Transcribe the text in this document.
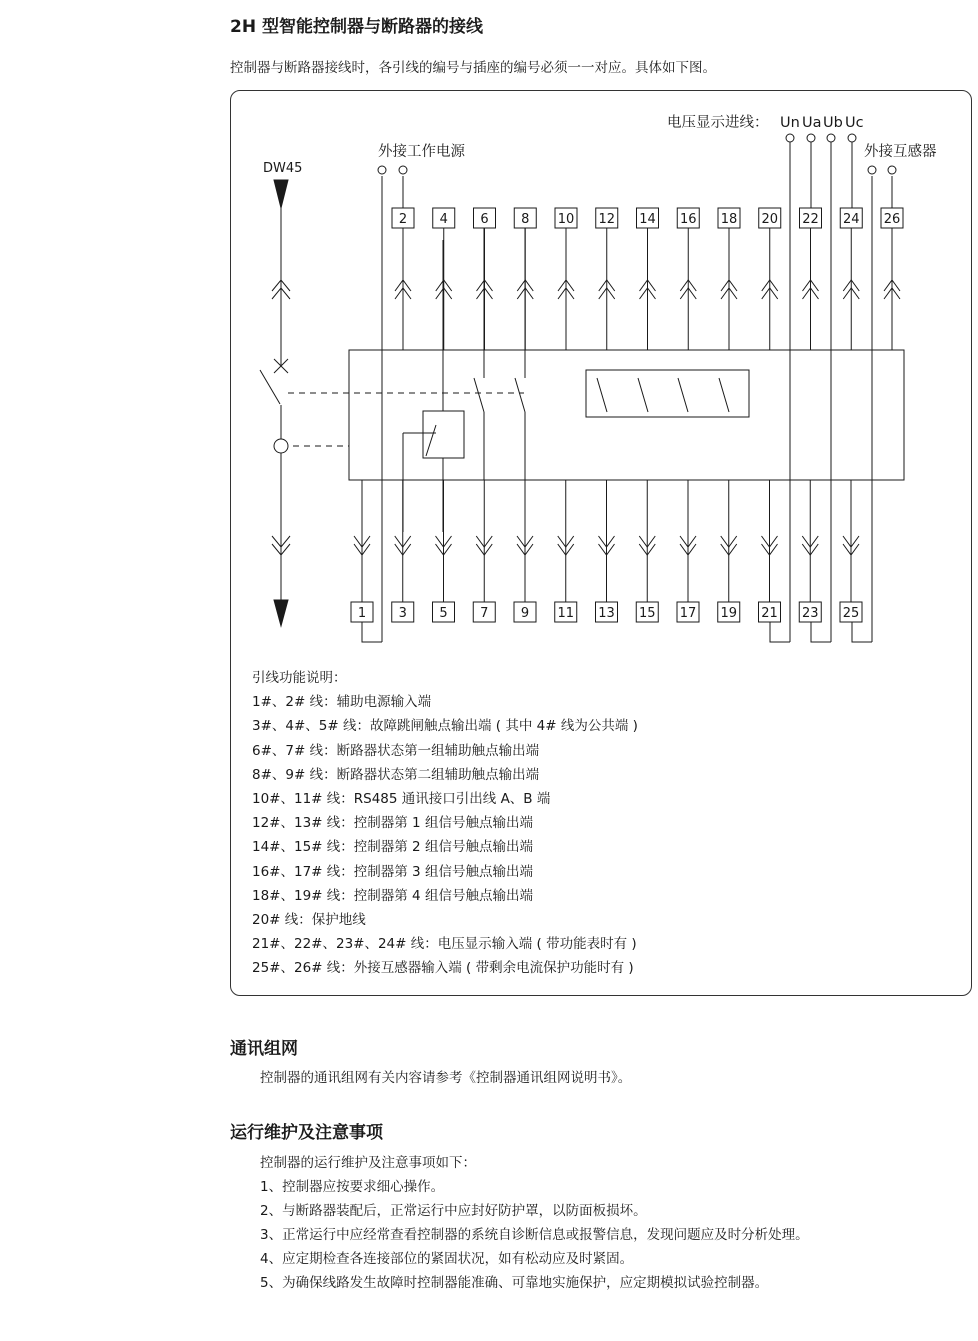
2H 型智能控制器与断路器的接线
控制器与断路器接线时，各引线的编号与插座的编号必须一一对应。具体如下图。
DW45
外接工作电源
电压显示进线： Un Ua Ub Uc
外接互感器
2 4 6 8 10 12 14 16 18 20 22 24 26
1 3 5 7 9 11 13 15 17 19 21 23 25
引线功能说明：
1#、2# 线：辅助电源输入端
3#、4#、5# 线：故障跳闸触点输出端 ( 其中 4# 线为公共端 )
6#、7# 线：断路器状态第一组辅助触点输出端
8#、9# 线：断路器状态第二组辅助触点输出端
10#、11# 线：RS485 通讯接口引出线 A、B 端
12#、13# 线：控制器第 1 组信号触点输出端
14#、15# 线：控制器第 2 组信号触点输出端
16#、17# 线：控制器第 3 组信号触点输出端
18#、19# 线：控制器第 4 组信号触点输出端
20# 线：保护地线
21#、22#、23#、24# 线：电压显示输入端 ( 带功能表时有 )
25#、26# 线：外接互感器输入端 ( 带剩余电流保护功能时有 )
通讯组网
控制器的通讯组网有关内容请参考《控制器通讯组网说明书》。
运行维护及注意事项
控制器的运行维护及注意事项如下：
1、控制器应按要求细心操作。
2、与断路器装配后，正常运行中应封好防护罩，以防面板损坏。
3、正常运行中应经常查看控制器的系统自诊断信息或报警信息，发现问题应及时分析处理。
4、应定期检查各连接部位的紧固状况，如有松动应及时紧固。
5、为确保线路发生故障时控制器能准确、可靠地实施保护，应定期模拟试验控制器。
